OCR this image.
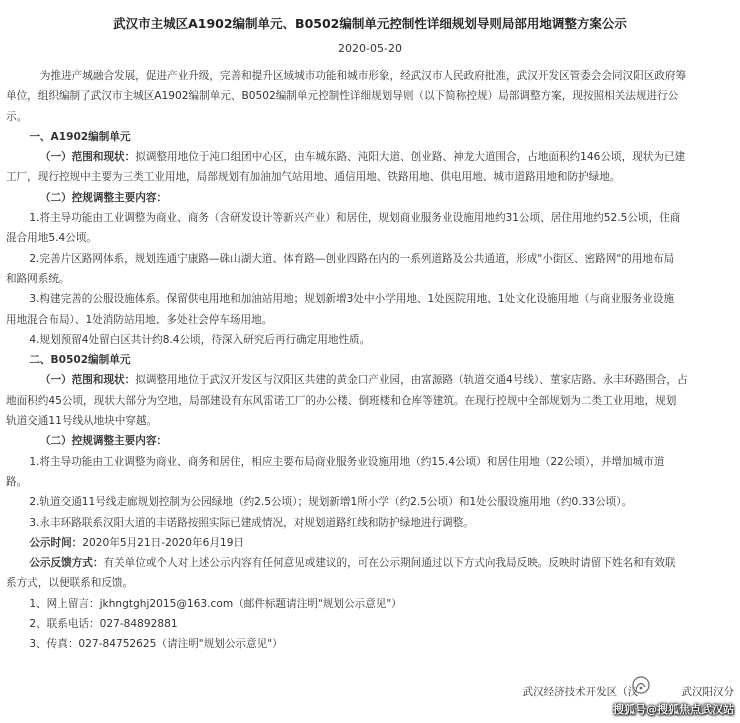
武汉市主城区A1902编制单元、B0502编制单元控制性详细规划导则局部用地调整方案公示
2020-05-20

为推进产城融合发展，促进产业升级，完善和提升区域城市功能和城市形象，经武汉市人民政府批准，武汉开发区管委会会同汉阳区政府筹

单位，组织编制了武汉市主城区A1902编制单元、B0502编制单元控制性详细规划导则（以下简称控规）局部调整方案，现按照相关法规进行公

示。

一、A1902编制单元

（一）范围和现状：拟调整用地位于沌口组团中心区，由车城东路、沌阳大道、创业路、神龙大道围合，占地面积约146公顷，现状为已建

工厂，现行控规中主要为三类工业用地，局部规划有加油加气站用地、通信用地、铁路用地、供电用地、城市道路用地和防护绿地。

（二）控规调整主要内容：

1.将主导功能由工业调整为商业、商务（含研发设计等新兴产业）和居住，规划商业服务业设施用地约31公顷、居住用地约52.5公顷，住商

混合用地5.4公顷。

2.完善片区路网体系，规划连通宁康路—硃山湖大道、体育路—创业四路在内的一系列道路及公共通道，形成"小街区、密路网"的用地布局

和路网系统。

3.构建完善的公服设施体系。保留供电用地和加油站用地；规划新增3处中小学用地、1处医院用地、1处文化设施用地（与商业服务业设施

用地混合布局）、1处消防站用地、多处社会停车场用地。

4.规划预留4处留白区共计约8.4公顷，待深入研究后再行确定用地性质。

二、B0502编制单元

（一）范围和现状：拟调整用地位于武汉开发区与汉阳区共建的黄金口产业园，由富源路（轨道交通4号线）、菫家店路、永丰环路围合，占

地面积约45公顷，现状大部分为空地，局部建设有东风雷诺工厂的办公楼、倒班楼和仓库等建筑。在现行控规中全部规划为二类工业用地，规划

轨道交通11号线从地块中穿越。

（二）控规调整主要内容：

1.将主导功能由工业调整为商业、商务和居住，相应主要布局商业服务业设施用地（约15.4公顷）和居住用地（22公顷），并增加城市道

路。

2.轨道交通11号线走廊规划控制为公园绿地（约2.5公顷）；规划新增1所小学（约2.5公顷）和1处公服设施用地（约0.33公顷）。

3.永丰环路联系汉阳大道的丰诺路按照实际已建成情况，对规划道路红线和防护绿地进行调整。

公示时间：2020年5月21日-2020年6月19日

公示反馈方式：有关单位或个人对上述公示内容有任何意见或建议的，可在公示期间通过以下方式向我局反映。反映时请留下姓名和有效联

系方式，以便联系和反馈。

1、网上留言：jkhngtghj2015@163.com（邮件标题请注明"规划公示意见"）

2、联系电话：027-84892881

3、传真：027-84752625（请注明"规划公示意见"）

武汉经济技术开发区（汉	武汉阳汉分
搜狐号@搜狐焦点武汉站
